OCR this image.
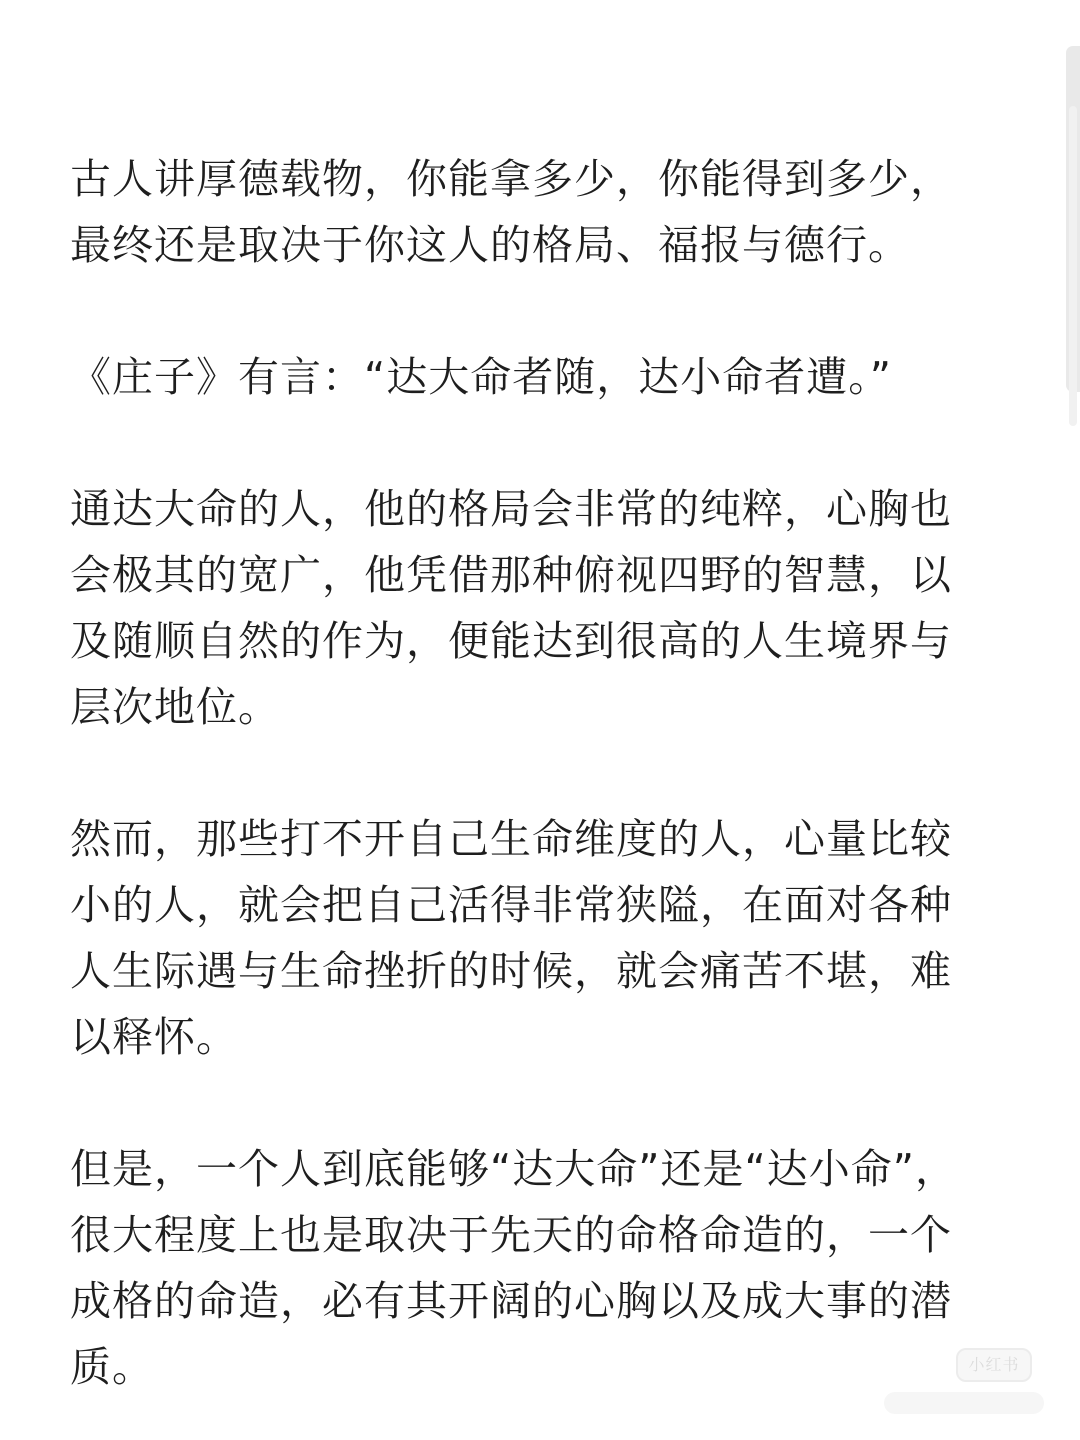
古人讲厚德载物，你能拿多少，你能得到多少，
最终还是取决于你这人的格局、福报与德行。

《庄子》有言：“达大命者随，达小命者遭。”

通达大命的人，他的格局会非常的纯粹，心胸也
会极其的宽广，他凭借那种俯视四野的智慧，以
及随顺自然的作为，便能达到很高的人生境界与
层次地位。

然而，那些打不开自己生命维度的人，心量比较
小的人，就会把自己活得非常狭隘，在面对各种
人生际遇与生命挫折的时候，就会痛苦不堪，难
以释怀。

但是，一个人到底能够“达大命”还是“达小命”，
很大程度上也是取决于先天的命格命造的，一个
成格的命造，必有其开阔的心胸以及成大事的潜
质。	小红书
